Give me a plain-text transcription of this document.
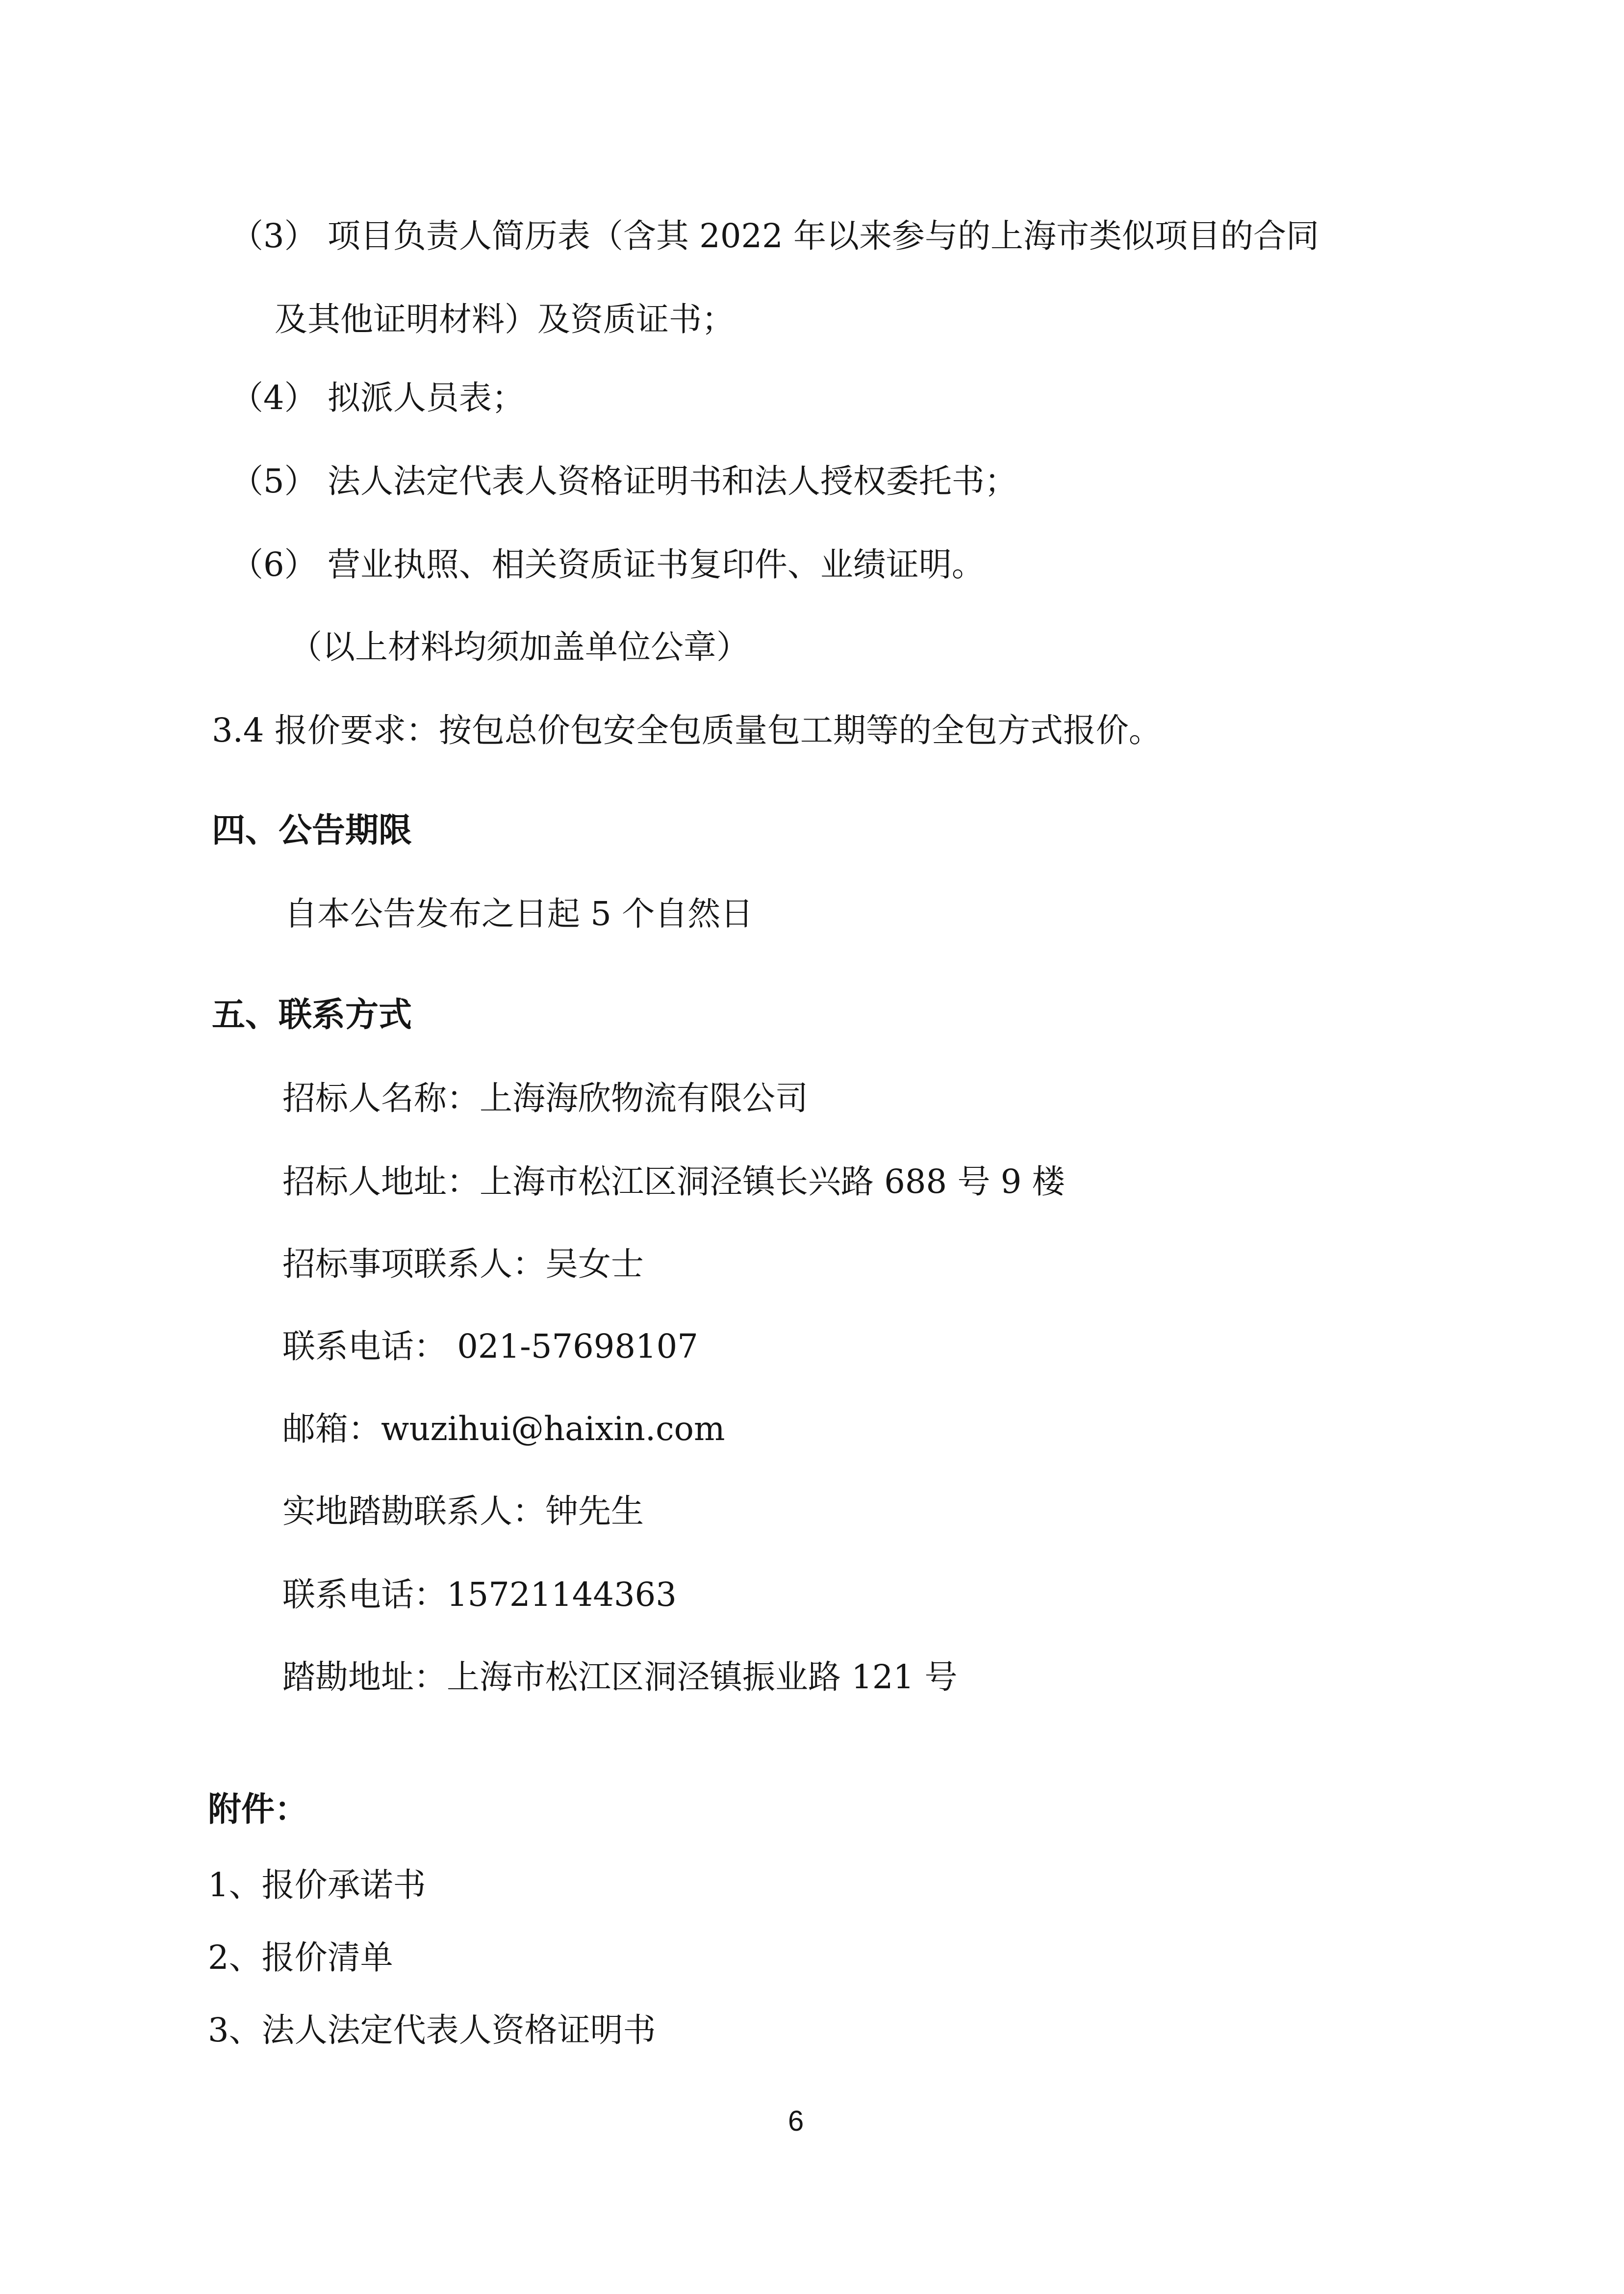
（3） 项目负责人简历表（含其 2022 年以来参与的上海市类似项目的合同
及其他证明材料）及资质证书；
（4） 拟派人员表；
（5） 法人法定代表人资格证明书和法人授权委托书；
（6） 营业执照、相关资质证书复印件、业绩证明。
（以上材料均须加盖单位公章）
3.4 报价要求：按包总价包安全包质量包工期等的全包方式报价。
四、公告期限
自本公告发布之日起 5 个自然日
五、联系方式
招标人名称：上海海欣物流有限公司
招标人地址：上海市松江区洞泾镇长兴路 688 号 9 楼
招标事项联系人：吴女士
联系电话： 021-57698107
邮箱：wuzihui@haixin.com
实地踏勘联系人：钟先生
联系电话：15721144363
踏勘地址：上海市松江区洞泾镇振业路 121 号
附件：
1、报价承诺书
2、报价清单
3、法人法定代表人资格证明书
6
